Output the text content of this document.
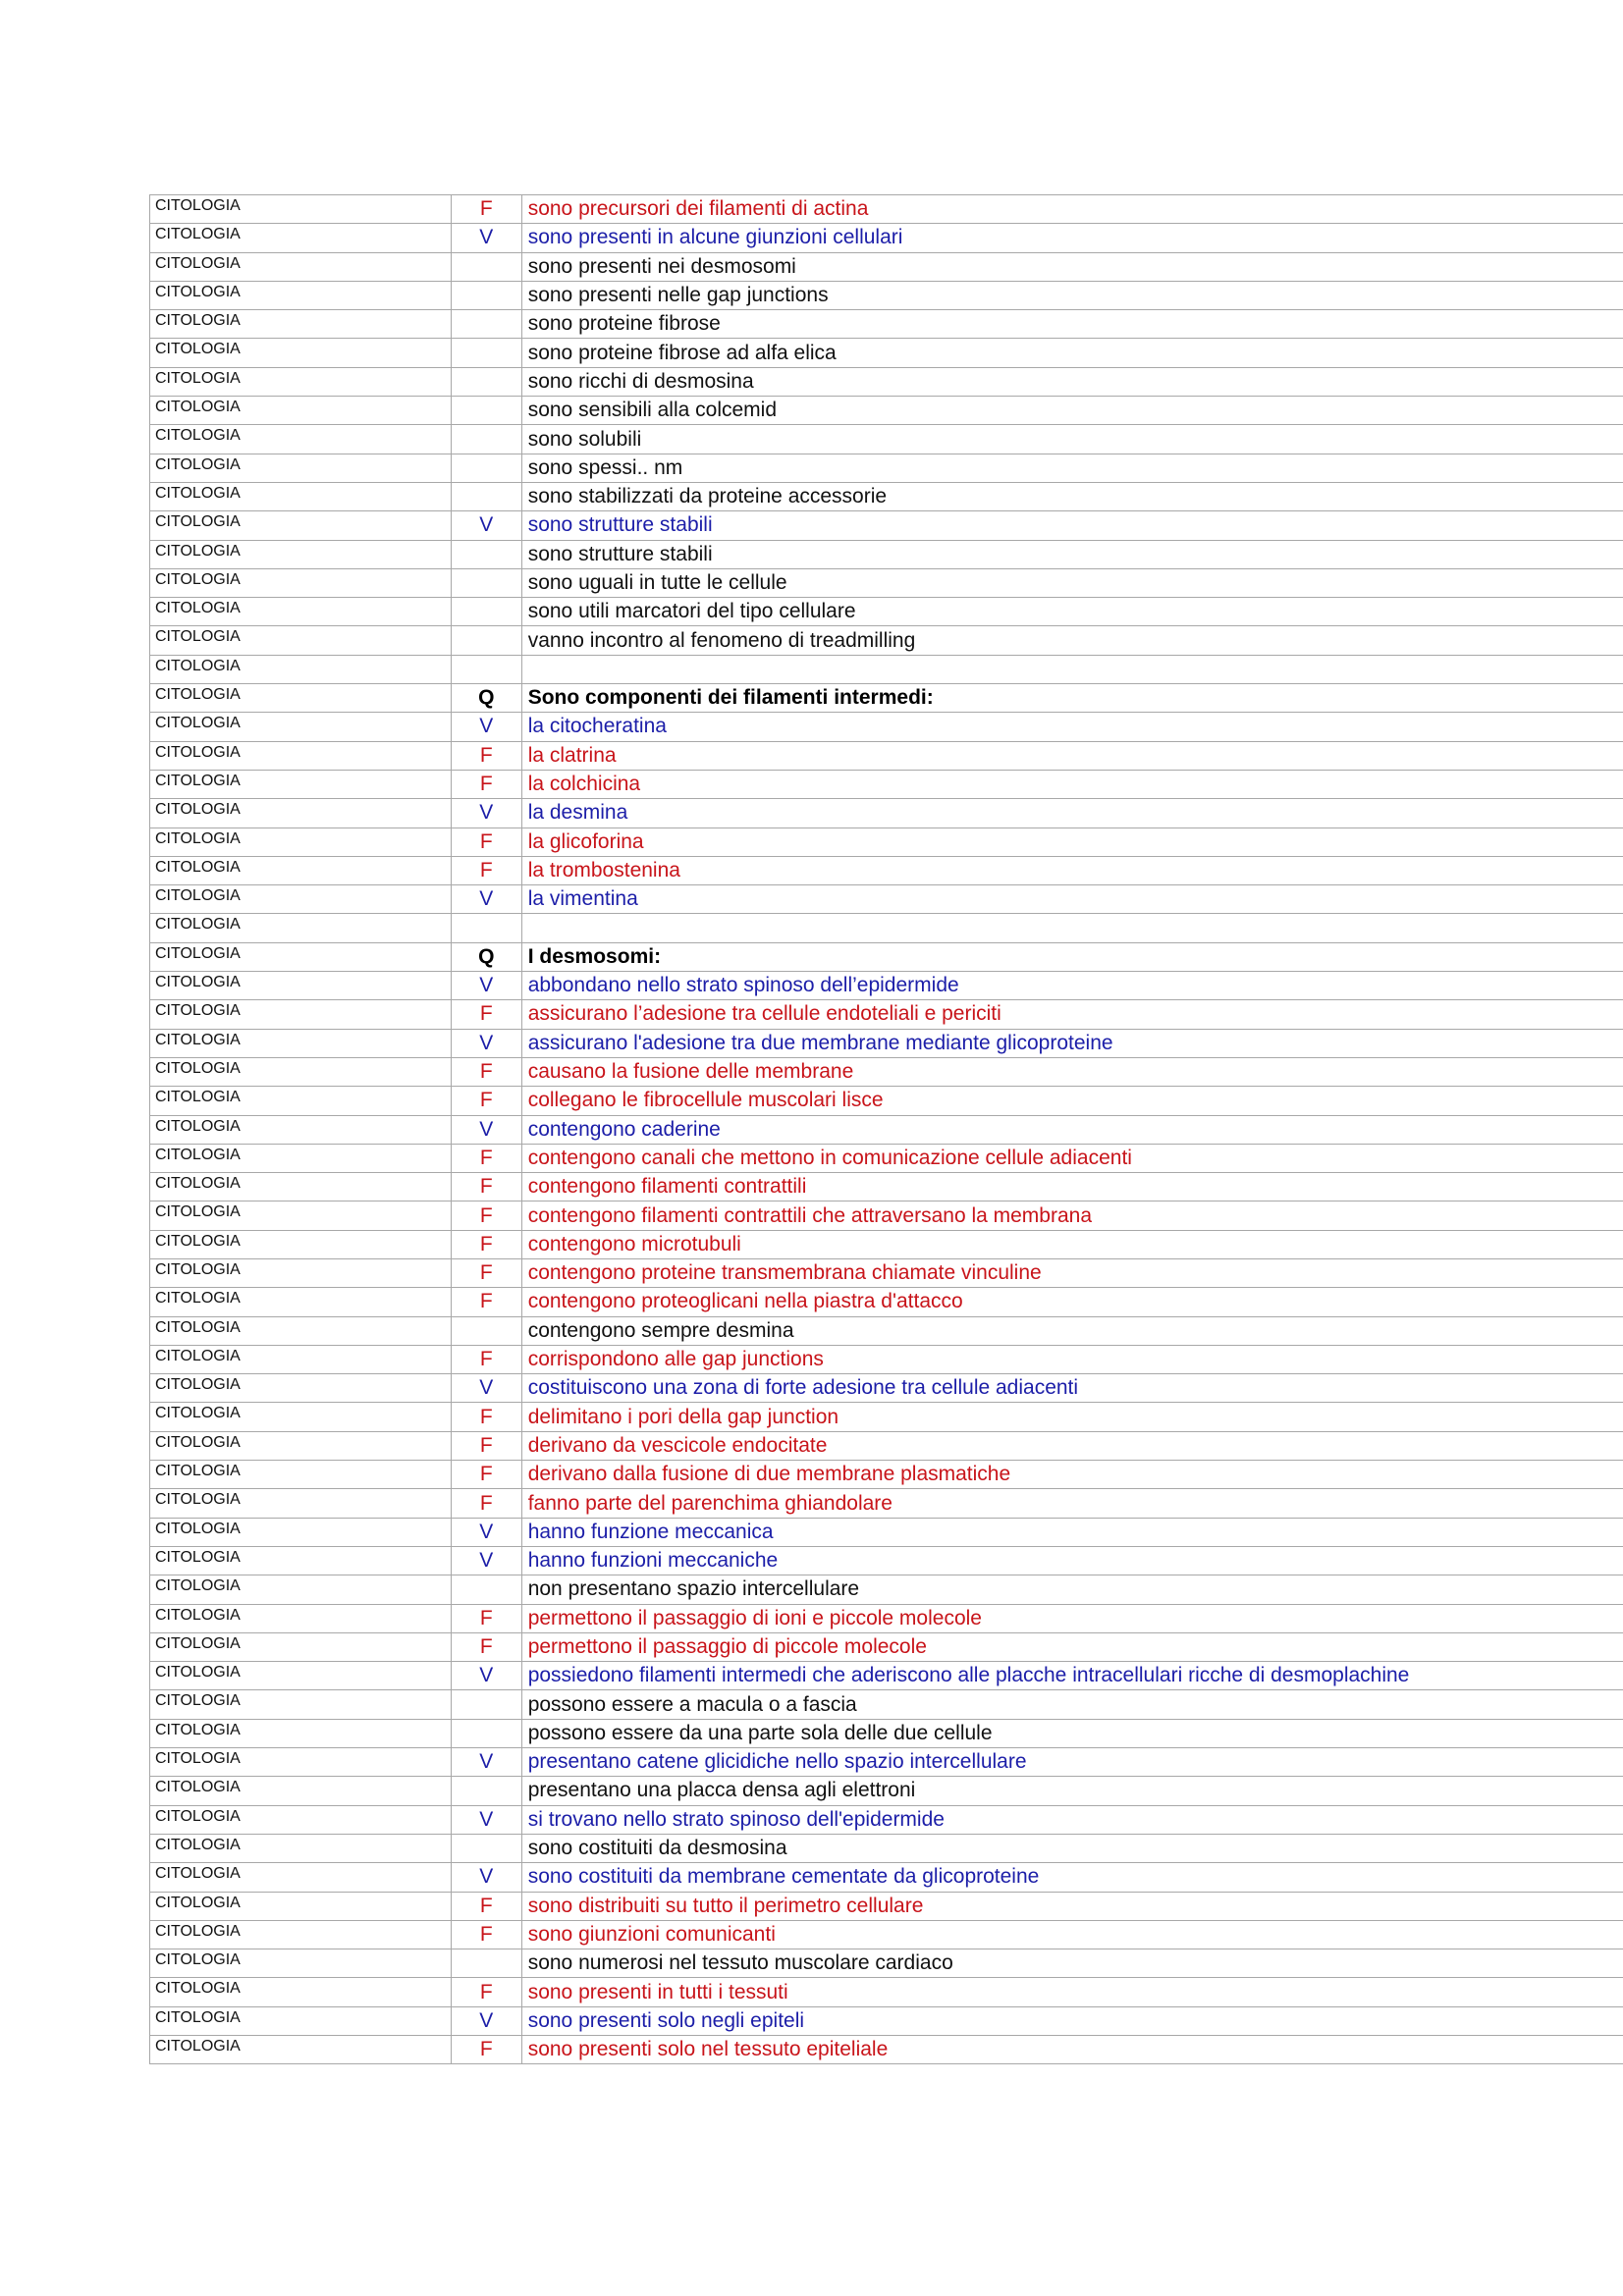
CITOLOGIA	F	sono precursori dei filamenti di actina
CITOLOGIA	V	sono presenti in alcune giunzioni cellulari
CITOLOGIA		sono presenti nei desmosomi
CITOLOGIA		sono presenti nelle gap junctions
CITOLOGIA		sono proteine fibrose
CITOLOGIA		sono proteine fibrose ad alfa elica
CITOLOGIA		sono ricchi di desmosina
CITOLOGIA		sono sensibili alla colcemid
CITOLOGIA		sono solubili
CITOLOGIA		sono spessi.. nm
CITOLOGIA		sono stabilizzati da proteine accessorie
CITOLOGIA	V	sono strutture stabili
CITOLOGIA		sono strutture stabili
CITOLOGIA		sono uguali in tutte le cellule
CITOLOGIA		sono utili marcatori del tipo cellulare
CITOLOGIA		vanno incontro al fenomeno di treadmilling
CITOLOGIA		
CITOLOGIA	Q	Sono componenti dei filamenti intermedi:
CITOLOGIA	V	la citocheratina
CITOLOGIA	F	la clatrina
CITOLOGIA	F	la colchicina
CITOLOGIA	V	la desmina
CITOLOGIA	F	la glicoforina
CITOLOGIA	F	la trombostenina
CITOLOGIA	V	la vimentina
CITOLOGIA		
CITOLOGIA	Q	I desmosomi:
CITOLOGIA	V	abbondano nello strato spinoso dell’epidermide
CITOLOGIA	F	assicurano l’adesione tra cellule endoteliali e periciti
CITOLOGIA	V	assicurano l'adesione tra due membrane mediante glicoproteine
CITOLOGIA	F	causano la fusione delle membrane
CITOLOGIA	F	collegano le fibrocellule muscolari lisce
CITOLOGIA	V	contengono caderine
CITOLOGIA	F	contengono canali che mettono in comunicazione cellule adiacenti
CITOLOGIA	F	contengono filamenti contrattili
CITOLOGIA	F	contengono filamenti contrattili che attraversano la membrana
CITOLOGIA	F	contengono microtubuli
CITOLOGIA	F	contengono proteine transmembrana chiamate vinculine
CITOLOGIA	F	contengono proteoglicani nella piastra d'attacco
CITOLOGIA		contengono sempre desmina
CITOLOGIA	F	corrispondono alle gap junctions
CITOLOGIA	V	costituiscono una zona di forte adesione tra cellule adiacenti
CITOLOGIA	F	delimitano i pori della gap junction
CITOLOGIA	F	derivano da vescicole endocitate
CITOLOGIA	F	derivano dalla fusione di due membrane plasmatiche
CITOLOGIA	F	fanno parte del parenchima ghiandolare
CITOLOGIA	V	hanno funzione meccanica
CITOLOGIA	V	hanno funzioni meccaniche
CITOLOGIA		non presentano spazio intercellulare
CITOLOGIA	F	permettono il passaggio di ioni e piccole molecole
CITOLOGIA	F	permettono il passaggio di piccole molecole
CITOLOGIA	V	possiedono filamenti intermedi che aderiscono alle placche intracellulari ricche di desmoplachine
CITOLOGIA		possono essere a macula o a fascia
CITOLOGIA		possono essere da una parte sola delle due cellule
CITOLOGIA	V	presentano catene glicidiche nello spazio intercellulare
CITOLOGIA		presentano una placca densa agli elettroni
CITOLOGIA	V	si trovano nello strato spinoso dell'epidermide
CITOLOGIA		sono costituiti da desmosina
CITOLOGIA	V	sono costituiti da membrane cementate da glicoproteine
CITOLOGIA	F	sono distribuiti su tutto il perimetro cellulare
CITOLOGIA	F	sono giunzioni comunicanti
CITOLOGIA		sono numerosi nel tessuto muscolare cardiaco
CITOLOGIA	F	sono presenti in tutti i tessuti
CITOLOGIA	V	sono presenti solo negli epiteli
CITOLOGIA	F	sono presenti solo nel tessuto epiteliale
